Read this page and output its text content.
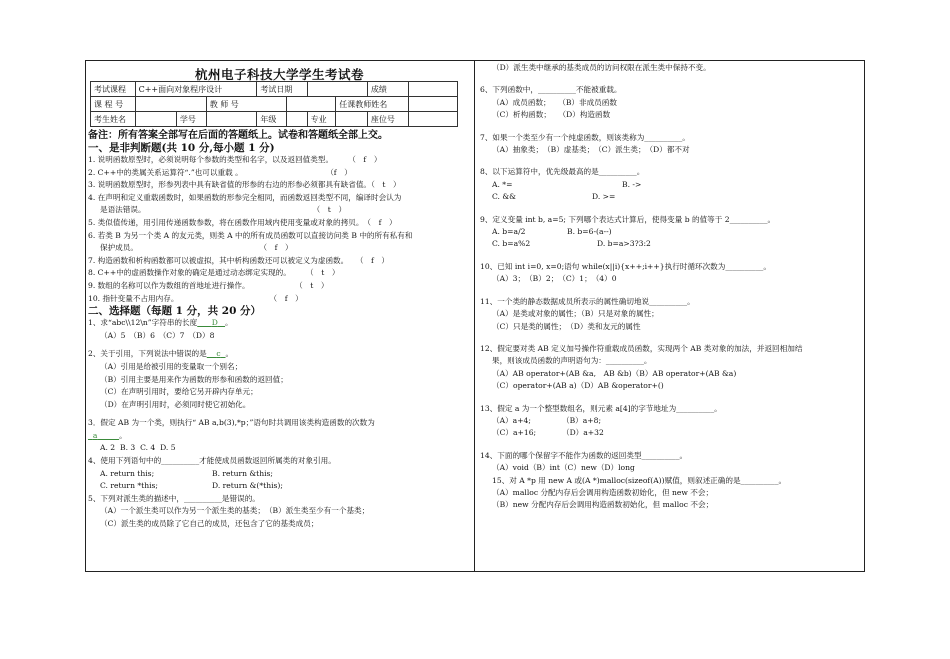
杭州电子科技大学学生考试卷
考试课程	C++面向对象程序设计			考试日期				成绩	
课 程 号			教 师 号				任课教师姓名		
考生姓名		学号		年级		专业		座位号	
备注：所有答案全部写在后面的答题纸上。试卷和答题纸全部上交。
一、是非判断题(共 10 分,每小题 1 分)
1. 说明函数原型时，必须说明每个参数的类型和名字，以及返回值类型。　　　（　f　）
2. C++中的类属关系运算符“.”也可以重载 。　　　　　　　　　　　　（f　）
3. 说明函数原型时，形参列表中具有缺省值的形参的右边的形参必须都具有缺省值。（　t　）
4. 在声明和定义重载函数时，如果函数的形参完全相同，而函数返回类型不同，编译时会认为
是语法错误。　　　　　　　　　　　　　　　　　　　　　　　（　t　）
5. 类似值传递，用引用传递函数参数，将在函数作用域内使用变量或对象的拷贝。　（　f　）
6. 若类 B 为另一个类 A 的友元类，则类 A 中的所有成员函数可以直接访问类 B 中的所有私有和
保护成员。　　　　　　　　　　　　　　　　　（　f　）
7. 构造函数和析构函数都可以被虚拟，其中析构函数还可以被定义为虚函数。　　（　f　）
8. C++中的虚函数操作对象的确定是通过动态绑定实现的。　　　（　t　）
9. 数组的名称可以作为数组的首地址进行操作。　　　　　　　（　t　）
10. 指针变量不占用内存。　　　　　　　　　　　　　（　f　）
二、选择题（每题 1 分，共 20 分）
1、求“abc\\12\n”字符串的长度 D 。
（A）5　（B）6　（C）7　（D）8
2、关于引用，下列说法中错误的是 c 。
（A）引用是给被引用的变量取一个别名；
（B）引用主要是用来作为函数的形参和函数的返回值；
（C）在声明引用时，要给它另开辟内存单元；
（D）在声明引用时，必须同时使它初始化。
3．假定 AB 为一个类，则执行“ AB a,b(3),*p；”语句时共调用该类构造函数的次数为
a	。
A. 2 B. 3 C. 4 D. 5
4、使用下列语句中的__________才能使成员函数返回所属类的对象引用。
A. return this;	B. return &this;
C. return *this;	D. return &(*this);
5、下列对派生类的描述中，__________是错误的。
（A）一个派生类可以作为另一个派生类的基类；　（B）派生类至少有一个基类；
（C）派生类的成员除了它自己的成员，还包含了它的基类成员；
（D）派生类中继承的基类成员的访问权限在派生类中保持不变。
6、下列函数中，__________不能被重载。
（A）成员函数；　　（B）非成员函数
（C）析构函数；　　（D）构造函数
7、如果一个类至少有一个纯虚函数，则该类称为__________。
（A）抽象类；　（B）虚基类；　（C）派生类；　（D）都不对
8、以下运算符中，优先级最高的是__________。
A. *=	B. ->
C. &&	D. >=
9、定义变量 int b, a=5; 下列哪个表达式计算后，使得变量 b 的值等于 2__________。
A. b=a/2	B. b=6-(a--)
C. b=a%2	D. b=a>3?3:2
10、已知 int i=0, x=0;语句 while(x||i){x++;i++}执行时循环次数为__________。
（A）3；　（B）2；　（C）1；　（4）0
11、一个类的静态数据成员所表示的属性确切地说__________。
（A）是类或对象的属性；（B）只是对象的属性；
（C）只是类的属性；　（D）类和友元的属性
12、假定要对类 AB 定义加号操作符重载成员函数，实现两个 AB 类对象的加法，并返回相加结
果，则该成员函数的声明语句为：__________。
（A）AB operator+(AB &a,　AB &b)（B）AB operator+(AB &a)
（C）operator+(AB a)（D）AB &operator+()
13、假定 a 为一个整型数组名，则元素 a[4]的字节地址为__________。
（A）a+4;	（B）a+8;
（C）a+16;	（D）a+32
14、下面的哪个保留字不能作为函数的返回类型__________。
（A）void（B）int（C）new（D）long
15、对 A *p 用 new A 或(A *)malloc(sizeof(A))赋值，则叙述正确的是__________。
（A）malloc 分配内存后会调用构造函数初始化，但 new 不会；
（B）new 分配内存后会调用构造函数初始化，但 malloc 不会；
